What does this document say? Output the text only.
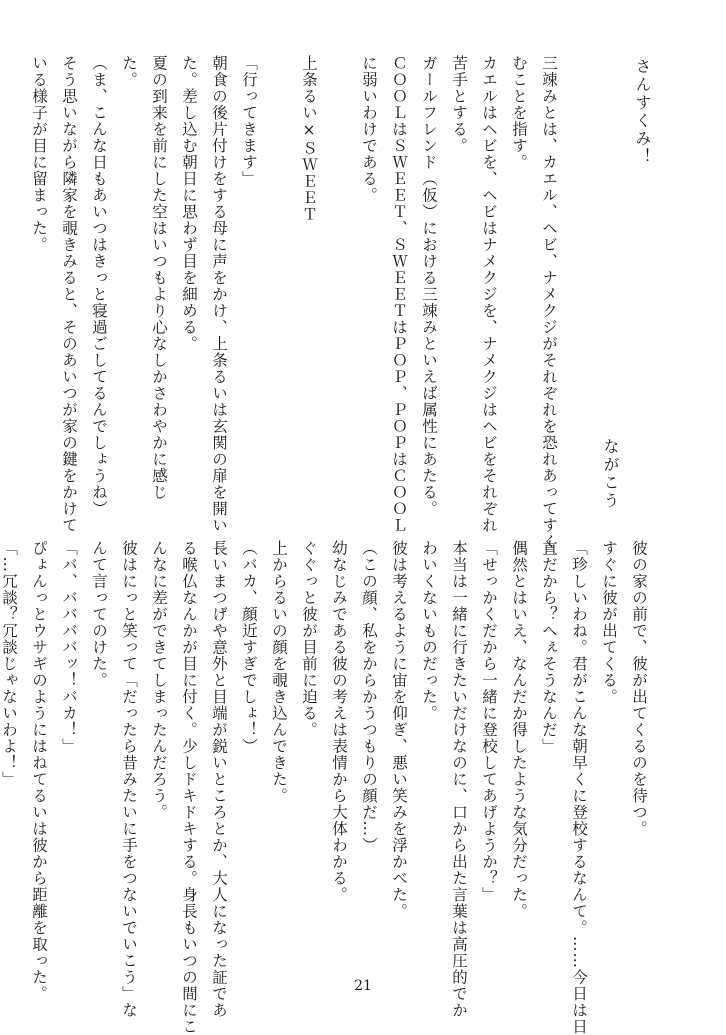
さんすくみ！
ながこう

三竦みとは、カエル、ヘビ、ナメクジがそれぞれを恐れあってすく

むことを指す。

カエルはヘビを、ヘビはナメクジを、ナメクジはヘビをそれぞれ

苦手とする。

ガールフレンド（仮）における三竦みといえば属性にあたる。

ＣＯＯＬはＳＷＥＥＴ、ＳＷＥＥＴはＰＯＰ、ＰＯＰはＣＯＯＬ

に弱いわけである。

上条るい×ＳＷＥＥＴ

「行ってきます」

朝食の後片付けをする母に声をかけ、上条るいは玄関の扉を開い

た。差し込む朝日に思わず目を細める。

夏の到来を前にした空はいつもより心なしかさわやかに感じ

た。

（ま、こんな日もあいつはきっと寝過ごしてるんでしょうね）

そう思いながら隣家を覗きみると、そのあいつが家の鍵をかけて

いる様子が目に留まった。

彼の家の前で、彼が出てくるのを待つ。

すぐに彼が出てくる。

「珍しいわね。君がこんな朝早くに登校するなんて。……今日は日

直だから？へぇそうなんだ」

偶然とはいえ、なんだか得したような気分だった。

「せっかくだから一緒に登校してあげようか？」

本当は一緒に行きたいだけなのに、口から出た言葉は高圧的でか

わいくないものだった。

彼は考えるように宙を仰ぎ、悪い笑みを浮かべた。

（この顔、私をからかうつもりの顔だ…）

幼なじみである彼の考えは表情から大体わかる。

ぐぐっと彼が目前に迫る。

上からるいの顔を覗き込んできた。

（バカ、顔近すぎでしょ！）

長いまつげや意外と目端が鋭いところとか、大人になった証であ

る喉仏なんかが目に付く。少しドキドキする。身長もいつの間にこ

んなに差ができてしまったんだろう。

彼はにっと笑って「だったら昔みたいに手をつないでいこう」な

んて言ってのけた。

「バ、ババババッ！バカ！」

ぴょんっとウサギのようにはねてるいは彼から距離を取った。

「…冗談？冗談じゃないわよ！」

21
